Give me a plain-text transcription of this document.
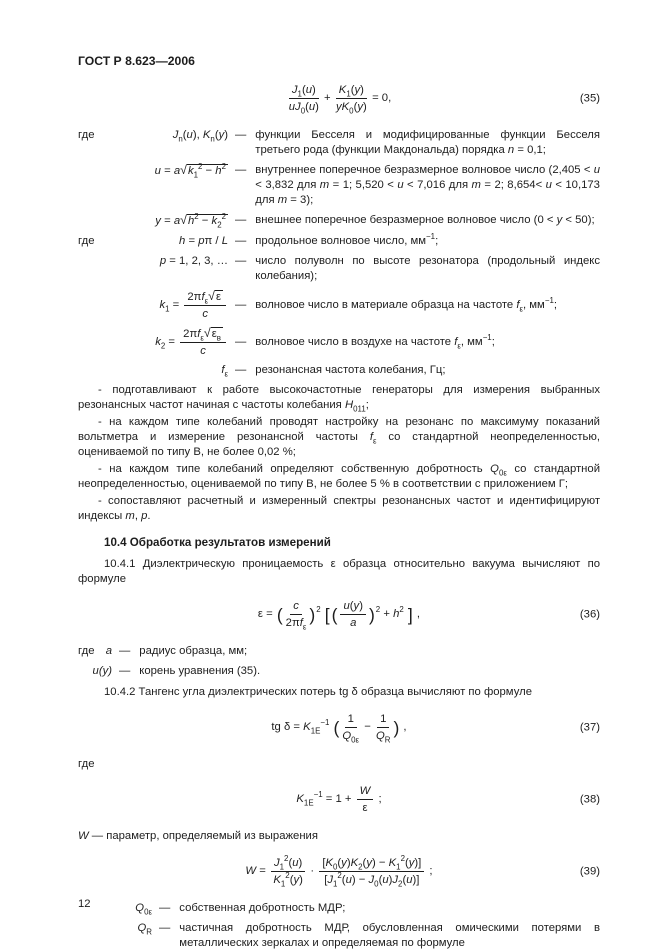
ГОСТ Р 8.623—2006
$\frac{J_1(u)}{uJ_0(u)} + \frac{K_1(y)}{yK_0(y)} = 0$,	(35)
где	$J_n(u)$, $K_n(y)$ — функции Бесселя и модифицированные функции Бесселя третьего рода (функции Макдональда) порядка n = 0,1;
$u = a√k_1^2 - h^2$ — внутреннее поперечное безразмерное волновое число (2,405 < u < 3,832 для m = 1; 5,520 < u < 7,016 для m = 2; 8,654< u < 10,173 для m = 3);
$y = a√h^2 - k_2^2$ — внешнее поперечное безразмерное волновое число (0 < y < 50);
где	h = pπ / L — продольное волновое число, $мм^{-1}$;
p = 1, 2, 3, … — число полуволн по высоте резонатора (продольный индекс колебания);
$k_1 = \frac{2\pi f_\varepsilon√\varepsilon}{c}$ — волновое число в материале образца на частоте $f_\varepsilon$, $мм^{-1}$;
$k_2 = \frac{2\pi f_\varepsilon√\varepsilon_в}{c}$ — волновое число в воздухе на частоте $f_\varepsilon$, $мм^{-1}$;
$f_\varepsilon$ — резонансная частота колебания, Гц;

- подготавливают к работе высокочастотные генераторы для измерения выбранных резонансных частот начиная с частоты колебания $H_{011}$;

- на каждом типе колебаний проводят настройку на резонанс по максимуму показаний вольтметра и измерение резонансной частоты $f_\varepsilon$ со стандартной неопределенностью, оцениваемой по типу В, не более 0,02 %;

- на каждом типе колебаний определяют собственную добротность $Q_{0\varepsilon}$ со стандартной неопределенностью, оцениваемой по типу В, не более 5 % в соответствии с приложением Г;

- сопоставляют расчетный и измеренный спектры резонансных частот и идентифицируют индексы m, p.

10.4 Обработка результатов измерений

10.4.1 Диэлектрическую проницаемость ε образца относительно вакуума вычисляют по формуле

ε = ( $\frac{c}{2\pi f_\varepsilon}$ ) $^2$ [ ( $\frac{u(y)}{a}$ ) $^2 + h^2$ ] ,	(36)
где a — радиус образца, мм;
u(y) — корень уравнения (35).

10.4.2 Тангенс угла диэлектрических потерь tg δ образца вычисляют по формуле

tg $\delta = K_{1E}^{-1}$ ( $\frac{1}{Q_{0\varepsilon}} - \frac{1}{Q_R}$ ) ,	(37)
где
$K_{1E}^{-1} = 1 + \frac{W}{\varepsilon}$ ;	(38)
W — параметр, определяемый из выражения
$W = \frac{J_1^2(u)}{K_1^2(y)} \cdot \frac{[K_0(y)K_2(y) - K_1^2(y)]}{[J_1^2(u) - J_0(u)J_2(u)]}$ ;	(39)
$Q_{0\varepsilon}$ — собственная добротность МДР;
$Q_R$ — частичная добротность МДР, обусловленная омическими потерями в металлических зеркалах и определяемая по формуле
12
